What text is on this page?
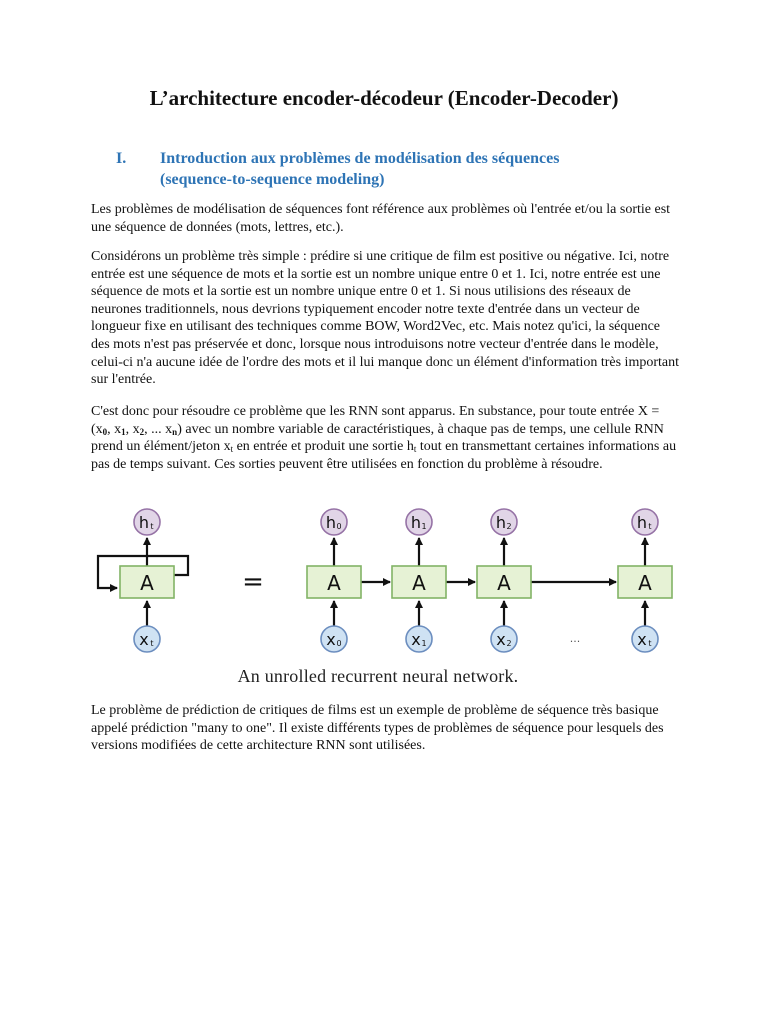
L’architecture encoder-décodeur (Encoder-Decoder)
I. Introduction aux problèmes de modélisation des séquences
(sequence-to-sequence modeling)

Les problèmes de modélisation de séquences font référence aux problèmes où l'entrée et/ou la sortie est une séquence de données (mots, lettres, etc.).

Considérons un problème très simple : prédire si une critique de film est positive ou négative. Ici, notre entrée est une séquence de mots et la sortie est un nombre unique entre 0 et 1. Ici, notre entrée est une séquence de mots et la sortie est un nombre unique entre 0 et 1. Si nous utilisions des réseaux de neurones traditionnels, nous devrions typiquement encoder notre texte d'entrée dans un vecteur de longueur fixe en utilisant des techniques comme BOW, Word2Vec, etc. Mais notez qu'ici, la séquence des mots n'est pas préservée et donc, lorsque nous introduisons notre vecteur d'entrée dans le modèle, celui-ci n'a aucune idée de l'ordre des mots et il lui manque donc un élément d'information très important sur l'entrée.

C'est donc pour résoudre ce problème que les RNN sont apparus. En substance, pour toute entrée $X = (x_0$, $x_1$, $x_2$, ... $x_n$) avec un nombre variable de caractéristiques, à chaque pas de temps, une cellule RNN prend un élément/jeton $x_t$ en entrée et produit une sortie $h_t$ tout en transmettant certaines informations au pas de temps suivant. Ces sorties peuvent être utilisées en fonction du problème à résoudre.

A
h t
x t
=	A
h 0
x 0
A
h 1
x 1
A
h 2
x 2
A
h t
x t
...
An unrolled recurrent neural network.

Le problème de prédiction de critiques de films est un exemple de problème de séquence très basique appelé prédiction "many to one". Il existe différents types de problèmes de séquence pour lesquels des versions modifiées de cette architecture RNN sont utilisées.
